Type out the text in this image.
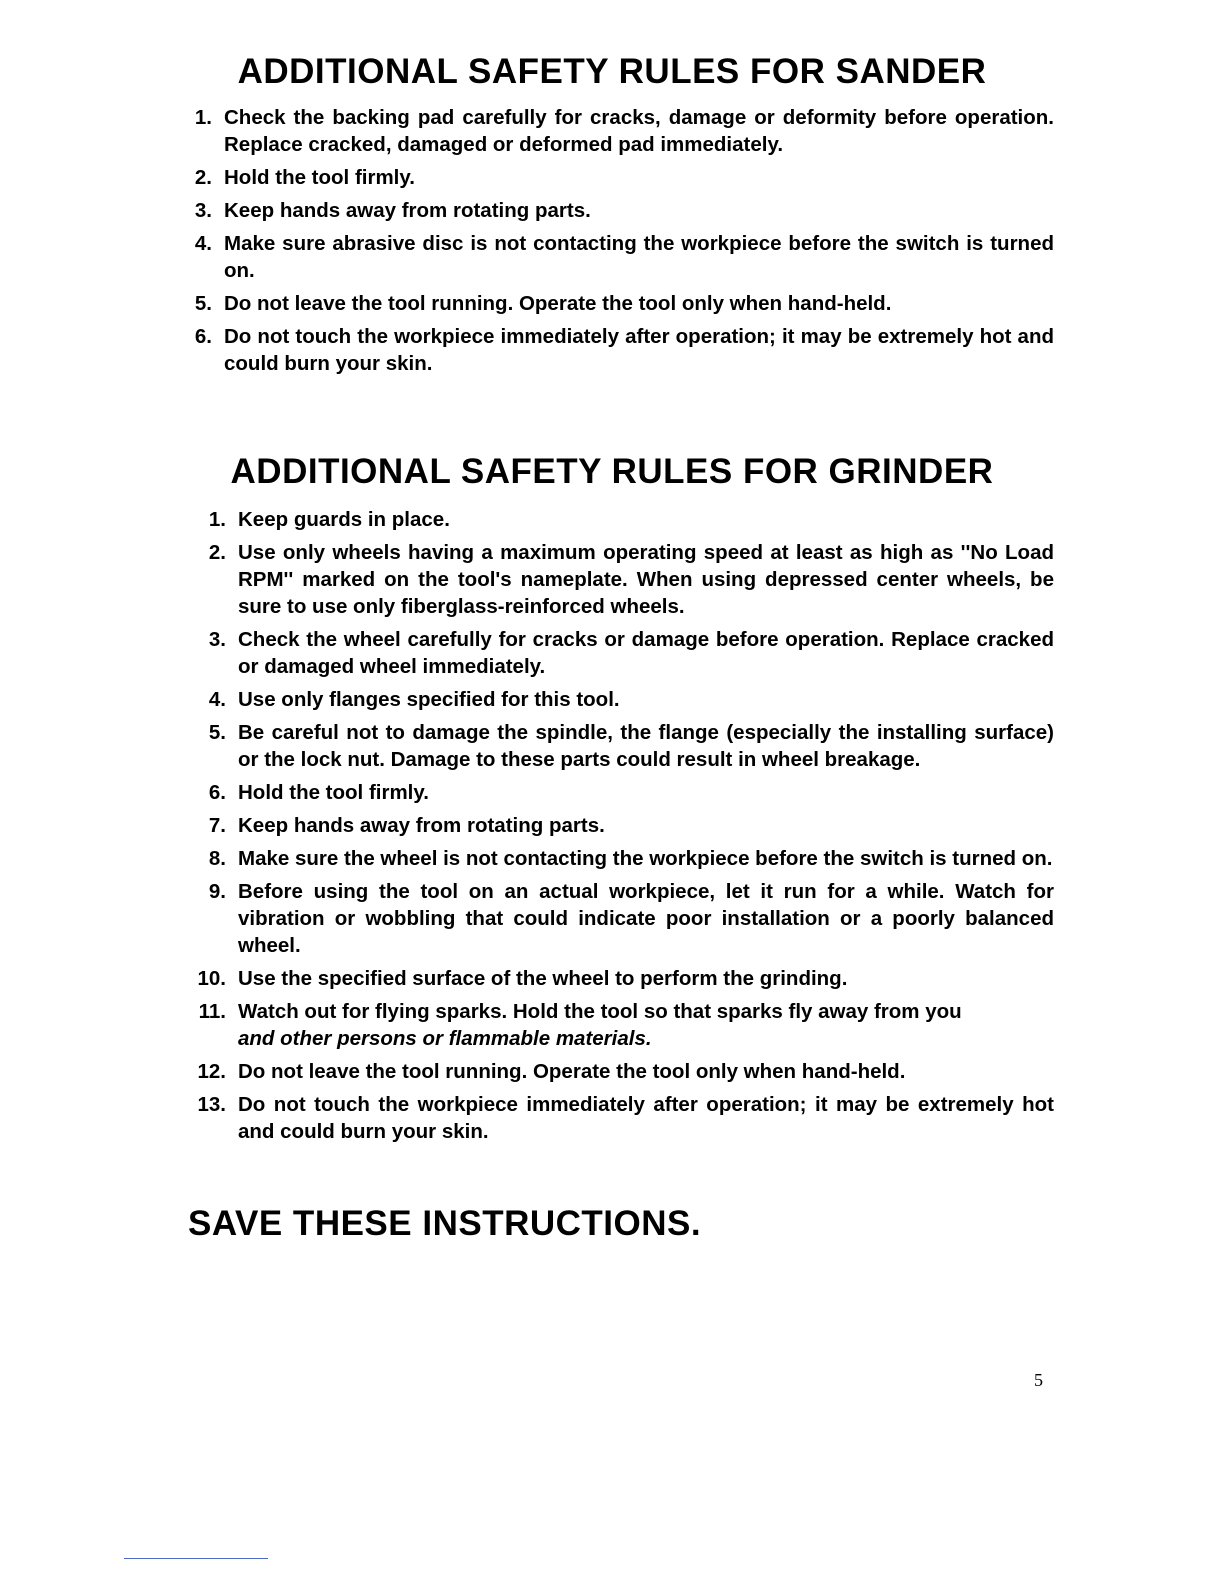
ADDITIONAL SAFETY RULES FOR SANDER
1. Check the backing pad carefully for cracks, damage or deformity before operation. Replace cracked, damaged or deformed pad immediately.
2. Hold the tool firmly.
3. Keep hands away from rotating parts.
4. Make sure abrasive disc is not contacting the workpiece before the switch is turned on.
5. Do not leave the tool running. Operate the tool only when hand-held.
6. Do not touch the workpiece immediately after operation; it may be extremely hot and could burn your skin.
ADDITIONAL SAFETY RULES FOR GRINDER
1. Keep guards in place.
2. Use only wheels having a maximum operating speed at least as high as ''No Load RPM'' marked on the tool's nameplate. When using depressed center wheels, be sure to use only fiberglass-reinforced wheels.
3. Check the wheel carefully for cracks or damage before operation. Replace cracked or damaged wheel immediately.
4. Use only flanges specified for this tool.
5. Be careful not to damage the spindle, the flange (especially the installing surface) or the lock nut. Damage to these parts could result in wheel breakage.
6. Hold the tool firmly.
7. Keep hands away from rotating parts.
8. Make sure the wheel is not contacting the workpiece before the switch is turned on.
9. Before using the tool on an actual workpiece, let it run for a while. Watch for vibration or wobbling that could indicate poor installation or a poorly balanced wheel.
10. Use the specified surface of the wheel to perform the grinding.
11. Watch out for flying sparks. Hold the tool so that sparks fly away from you
and other persons or flammable materials.
12. Do not leave the tool running. Operate the tool only when hand-held.
13. Do not touch the workpiece immediately after operation; it may be extremely hot and could burn your skin.

SAVE THESE INSTRUCTIONS.

5
